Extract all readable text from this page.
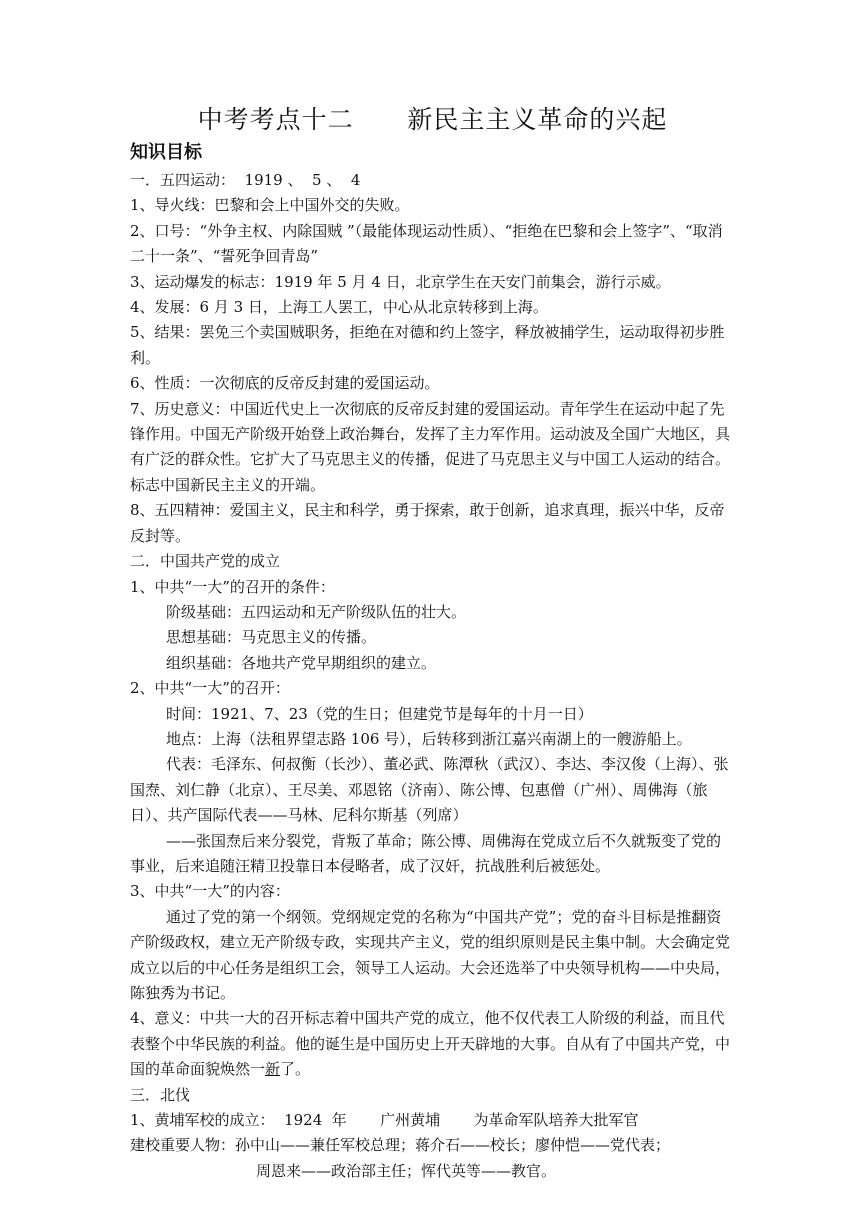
中考考点十二      新民主主义革命的兴起

知识目标

一．五四运动：  1919 、  5 、  4

1、导火线：巴黎和会上中国外交的失败。

2、口号：“外争主权、内除国贼 ”（最能体现运动性质）、“拒绝在巴黎和会上签字”、“取消二十一条”、“誓死争回青岛”

3、运动爆发的标志：1919 年 5 月 4 日，北京学生在天安门前集会，游行示威。

4、发展：6 月 3 日，上海工人罢工，中心从北京转移到上海。

5、结果：罢免三个卖国贼职务，拒绝在对德和约上签字，释放被捕学生，运动取得初步胜利。

6、性质：一次彻底的反帝反封建的爱国运动。

7、历史意义：中国近代史上一次彻底的反帝反封建的爱国运动。青年学生在运动中起了先锋作用。中国无产阶级开始登上政治舞台，发挥了主力军作用。运动波及全国广大地区，具有广泛的群众性。它扩大了马克思主义的传播，促进了马克思主义与中国工人运动的结合。标志中国新民主主义的开端。

8、五四精神：爱国主义，民主和科学，勇于探索，敢于创新，追求真理，振兴中华，反帝反封等。

二．中国共产党的成立

1、中共“一大”的召开的条件：

阶级基础：五四运动和无产阶级队伍的壮大。

思想基础：马克思主义的传播。

组织基础：各地共产党早期组织的建立。

2、中共“一大”的召开：

时间：1921、7、23（党的生日；但建党节是每年的十月一日）

地点：上海（法租界望志路 106 号），后转移到浙江嘉兴南湖上的一艘游船上。

代表：毛泽东、何叔衡（长沙）、董必武、陈潭秋（武汉）、李达、李汉俊（上海）、张国焘、刘仁静（北京）、王尽美、邓恩铭（济南）、陈公博、包惠僧（广州）、周佛海（旅日）、共产国际代表——马林、尼科尔斯基（列席）

——张国焘后来分裂党，背叛了革命；陈公博、周佛海在党成立后不久就叛变了党的事业，后来追随汪精卫投靠日本侵略者，成了汉奸，抗战胜利后被惩处。

3、中共“一大”的内容：

通过了党的第一个纲领。党纲规定党的名称为“中国共产党”；党的奋斗目标是推翻资产阶级政权，建立无产阶级专政，实现共产主义，党的组织原则是民主集中制。大会确定党成立以后的中心任务是组织工会，领导工人运动。大会还选举了中央领导机构——中央局，陈独秀为书记。

4、意义：中共一大的召开标志着中国共产党的成立，他不仅代表工人阶级的利益，而且代表整个中华民族的利益。他的诞生是中国历史上开天辟地的大事。自从有了中国共产党，中国的革命面貌焕然一新了。

三．北伐

1、黄埔军校的成立：  1924  年       广州黄埔       为革命军队培养大批军官

建校重要人物：孙中山——兼任军校总理；蒋介石——校长；廖仲恺——党代表；

周恩来——政治部主任；恽代英等——教官。
